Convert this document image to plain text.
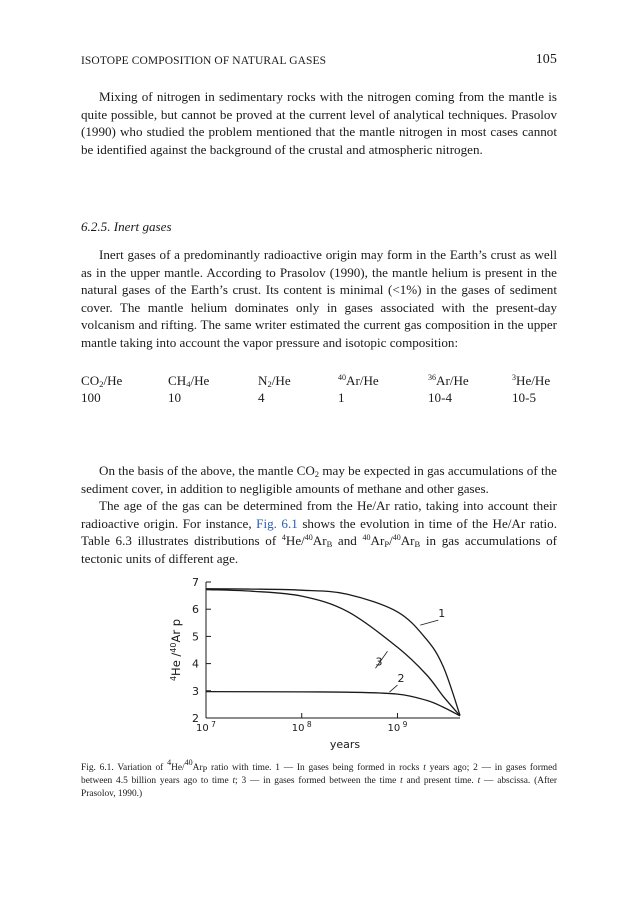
ISOTOPE COMPOSITION OF NATURAL GASES	105

Mixing of nitrogen in sedimentary rocks with the nitrogen coming from the mantle is quite possible, but cannot be proved at the current level of analytical techniques. Prasolov (1990) who studied the problem mentioned that the mantle nitrogen in most cases cannot be identified against the background of the crustal and atmospheric nitrogen.

6.2.5. Inert gases

Inert gases of a predominantly radioactive origin may form in the Earth’s crust as well as in the upper mantle. According to Prasolov (1990), the mantle helium is present in the natural gases of the Earth’s crust. Its content is minimal (<1%) in the gases of sediment cover. The mantle helium dominates only in gases associated with the present-day volcanism and rifting. The same writer estimated the current gas composition in the upper mantle taking into account the vapor pressure and isotopic composition:

$CO_2/He$	$CH_4/He$	$N_2/He$	$^{40}$Ar/He	$^{36}$Ar/He	$^3$He/He
100	10	4	1	10-4	10-5

On the basis of the above, the mantle $CO_2$ may be expected in gas accumulations of the sediment cover, in addition to negligible amounts of methane and other gases.

The age of the gas can be determined from the He/Ar ratio, taking into account their radioactive origin. For instance, Fig. 6.1 shows the evolution in time of the He/Ar ratio. Table 6.3 illustrates distributions of $^4He/^{40}Ar_B$ and $^{40}Ar_P/^{40}Ar_B$ in gas accumulations of tectonic units of different age.

2
3
4
5
6
7
10 $^7$	10 $^8$	10 $^9$
1
2
3
years
$^4$He /$^{40}$Ar p

Fig. 6.1. Variation of $^4He/^{40}Ar_P$ ratio with time. 1 — In gases being formed in rocks t years ago; 2 — in gases formed between 4.5 billion years ago to time t; 3 — in gases formed between the time t and present time. t — abscissa. (After Prasolov, 1990.)
